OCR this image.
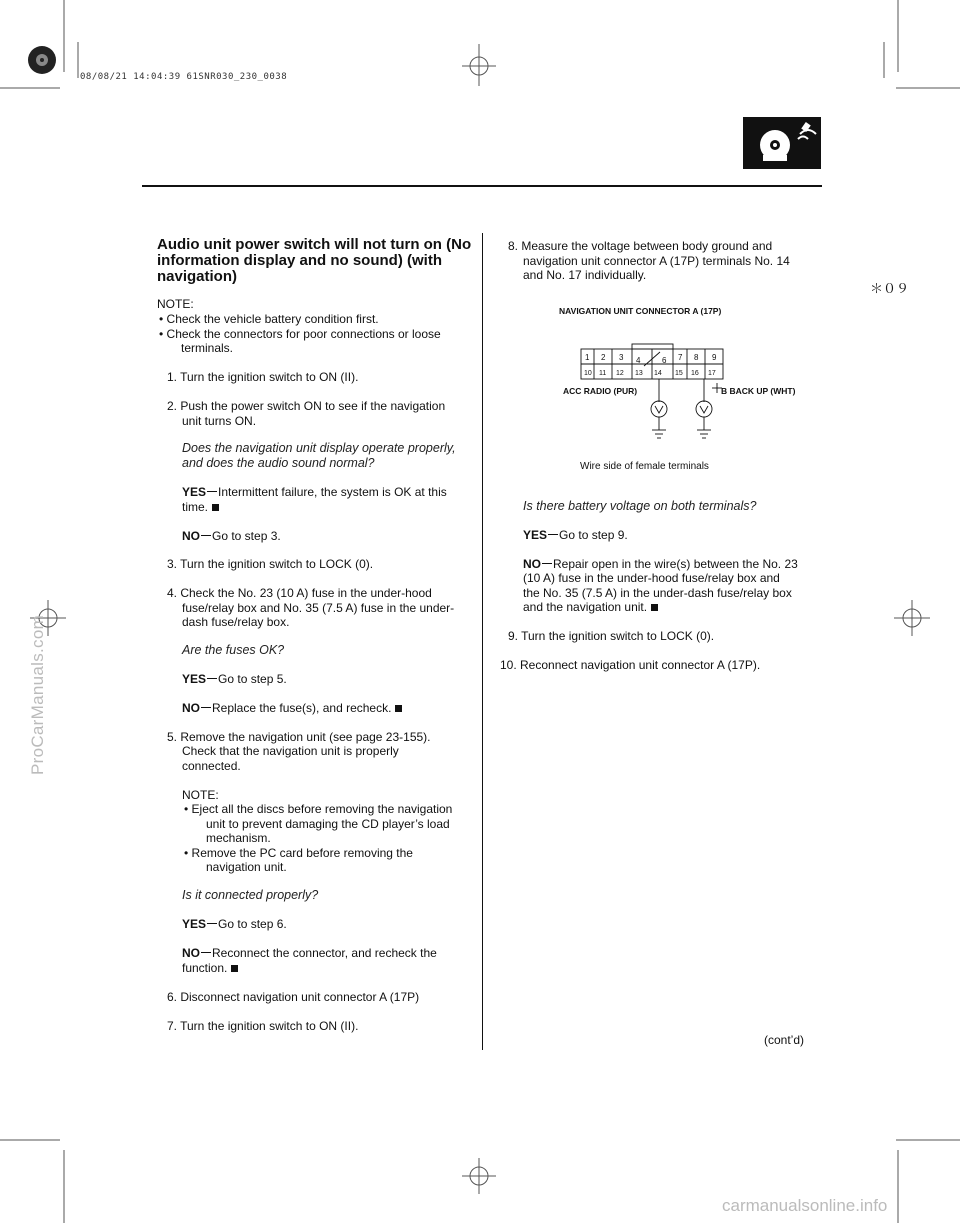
08/08/21 14:04:39 61SNR030_230_0038
＊０９
Audio unit power switch will not turn on (No
information display and no sound) (with
navigation)
NOTE:
• Check the vehicle battery condition first.
• Check the connectors for poor connections or loose
terminals.
1. Turn the ignition switch to ON (II).
2. Push the power switch ON to see if the navigation
unit turns ON.
Does the navigation unit display operate properly,
and does the audio sound normal?
YES Intermittent failure, the system is OK at this
time.
NO Go to step 3.
3. Turn the ignition switch to LOCK (0).
4. Check the No. 23 (10 A) fuse in the under-hood
fuse/relay box and No. 35 (7.5 A) fuse in the under-
dash fuse/relay box.
Are the fuses OK?
YES Go to step 5.
NO Replace the fuse(s), and recheck.
5. Remove the navigation unit (see page 23-155).
Check that the navigation unit is properly
connected.
NOTE:
• Eject all the discs before removing the navigation
unit to prevent damaging the CD player’s load
mechanism.
• Remove the PC card before removing the
navigation unit.
Is it connected properly?
YES Go to step 6.
NO Reconnect the connector, and recheck the
function.
6. Disconnect navigation unit connector A (17P)
7. Turn the ignition switch to ON (II).
8. Measure the voltage between body ground and
navigation unit connector A (17P) terminals No. 14
and No. 17 individually.
NAVIGATION UNIT CONNECTOR A (17P)
ACC RADIO (PUR)	B BACK UP (WHT)
Wire side of female terminals
1 2 3 4	6 7 8 9
10 11 12 13 14 15 16 17
Is there battery voltage on both terminals?
YES Go to step 9.
NO Repair open in the wire(s) between the No. 23
(10 A) fuse in the under-hood fuse/relay box and
the No. 35 (7.5 A) in the under-dash fuse/relay box
and the navigation unit.
9. Turn the ignition switch to LOCK (0).
10. Reconnect navigation unit connector A (17P).
(cont’d)
ProCarManuals.com
carmanualsonline.info
